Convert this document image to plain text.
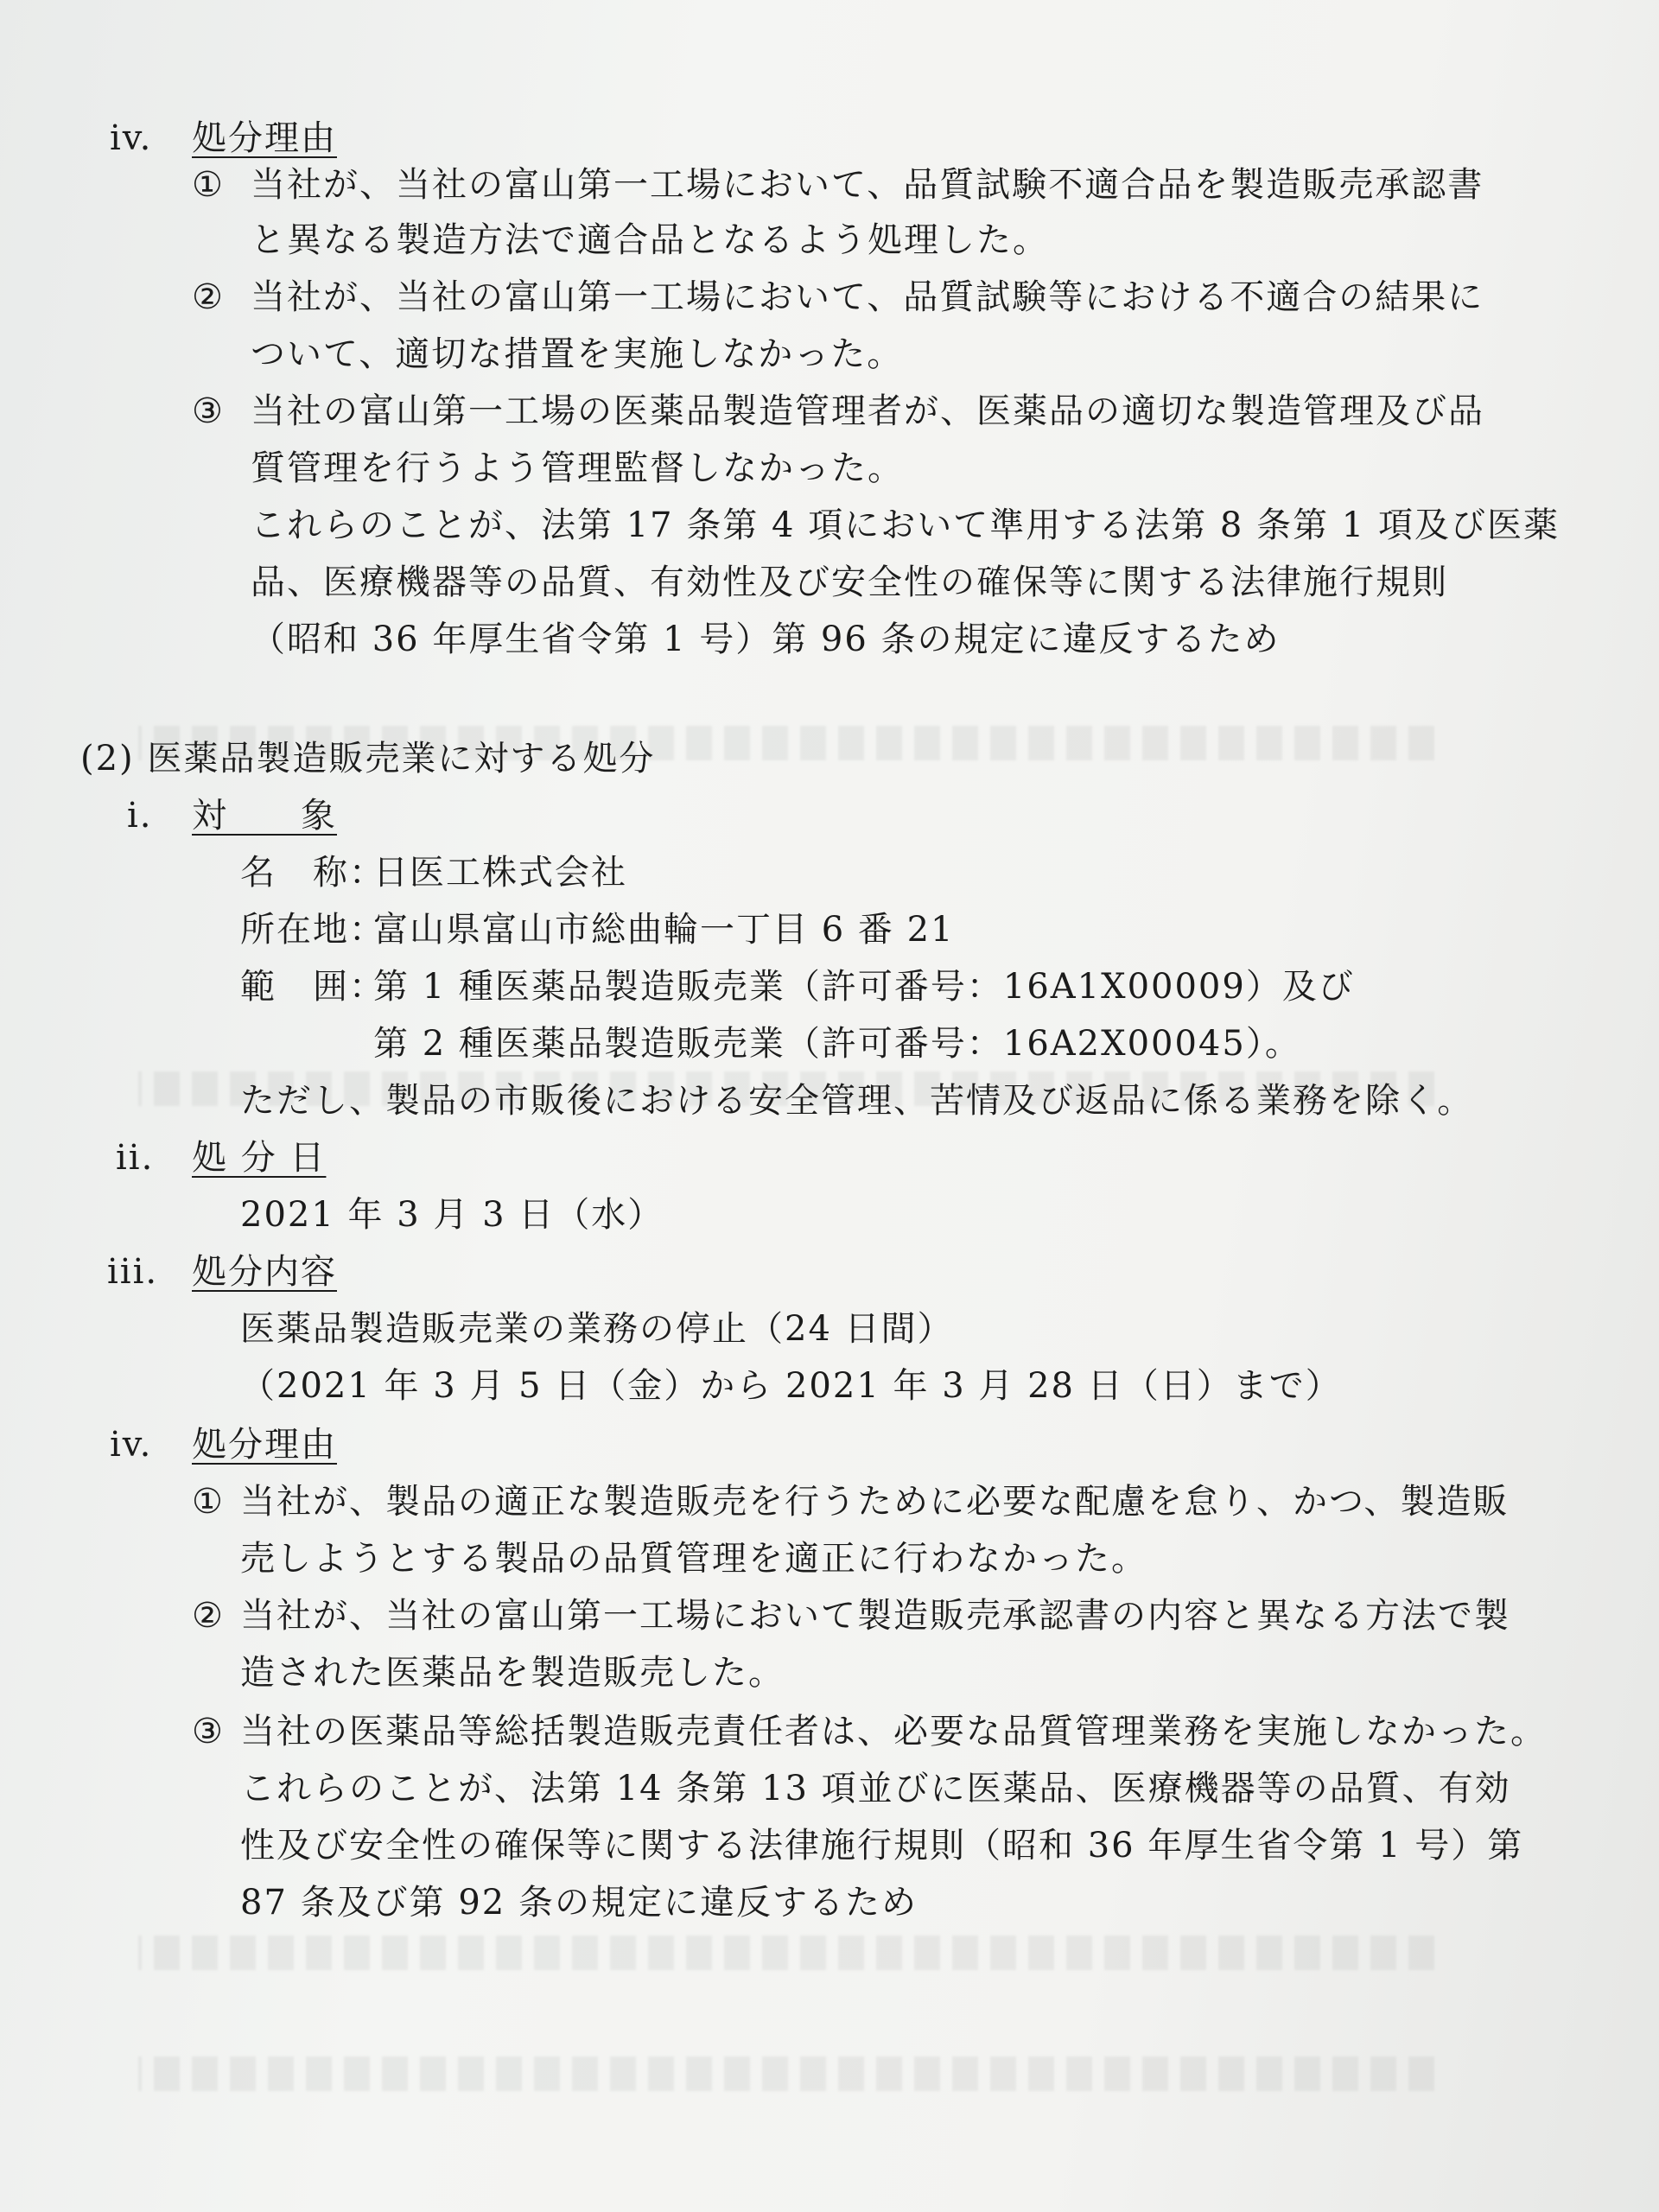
iv. 処分理由
① 当社が、当社の富山第一工場において、品質試験不適合品を製造販売承認書
と異なる製造方法で適合品となるよう処理した。
② 当社が、当社の富山第一工場において、品質試験等における不適合の結果に
ついて、適切な措置を実施しなかった。
③ 当社の富山第一工場の医薬品製造管理者が、医薬品の適切な製造管理及び品
質管理を行うよう管理監督しなかった。
これらのことが、法第 17 条第 4 項において準用する法第 8 条第 1 項及び医薬
品、医療機器等の品質、有効性及び安全性の確保等に関する法律施行規則
（昭和 36 年厚生省令第 1 号）第 96 条の規定に違反するため
(2) 医薬品製造販売業に対する処分
i. 対　　象
名　称：
日医工株式会社
所在地：
富山県富山市総曲輪一丁目 6 番 21
範　囲：
第 1 種医薬品製造販売業（許可番号：16A1X00009）及び
第 2 種医薬品製造販売業（許可番号：16A2X00045）。
ただし、製品の市販後における安全管理、苦情及び返品に係る業務を除く。
ii. 処 分 日
2021 年 3 月 3 日（水）
iii. 処分内容
医薬品製造販売業の業務の停止（24 日間）
（2021 年 3 月 5 日（金）から 2021 年 3 月 28 日（日）まで）
iv. 処分理由
① 当社が、製品の適正な製造販売を行うために必要な配慮を怠り、かつ、製造販
売しようとする製品の品質管理を適正に行わなかった。
② 当社が、当社の富山第一工場において製造販売承認書の内容と異なる方法で製
造された医薬品を製造販売した。
③ 当社の医薬品等総括製造販売責任者は、必要な品質管理業務を実施しなかった。
これらのことが、法第 14 条第 13 項並びに医薬品、医療機器等の品質、有効
性及び安全性の確保等に関する法律施行規則（昭和 36 年厚生省令第 1 号）第
87 条及び第 92 条の規定に違反するため
